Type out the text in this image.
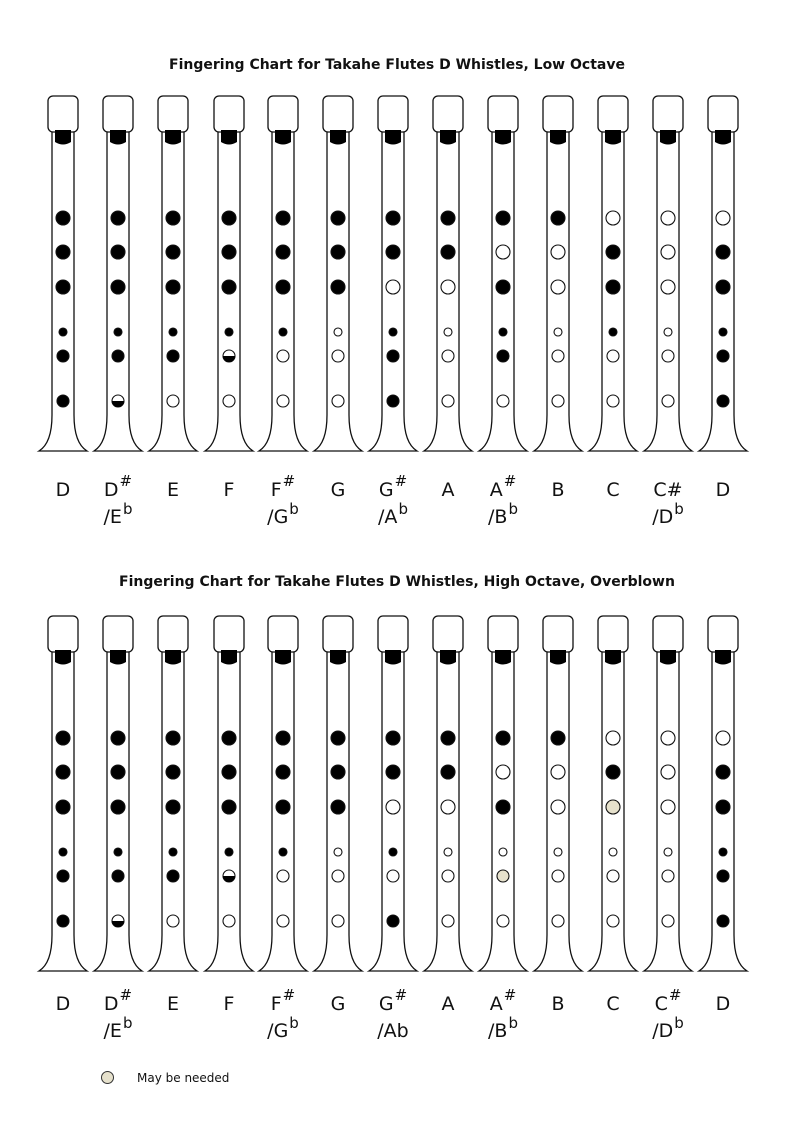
Fingering Chart for Takahe Flutes D Whistles, Low Octave
D	D#
$/E^b$
E	F	F#
$/G^b$
G	G#
$/A^b$
A	A#
$/B^b$
B	C	C#
$/D^b$
D
Fingering Chart for Takahe Flutes D Whistles, High Octave, Overblown
D	D#
$/E^b$
E	F	F#
$/G^b$
G	G#
/Ab
A	A#
$/B^b$
B	C	C#
$/D^b$
D
May be needed
